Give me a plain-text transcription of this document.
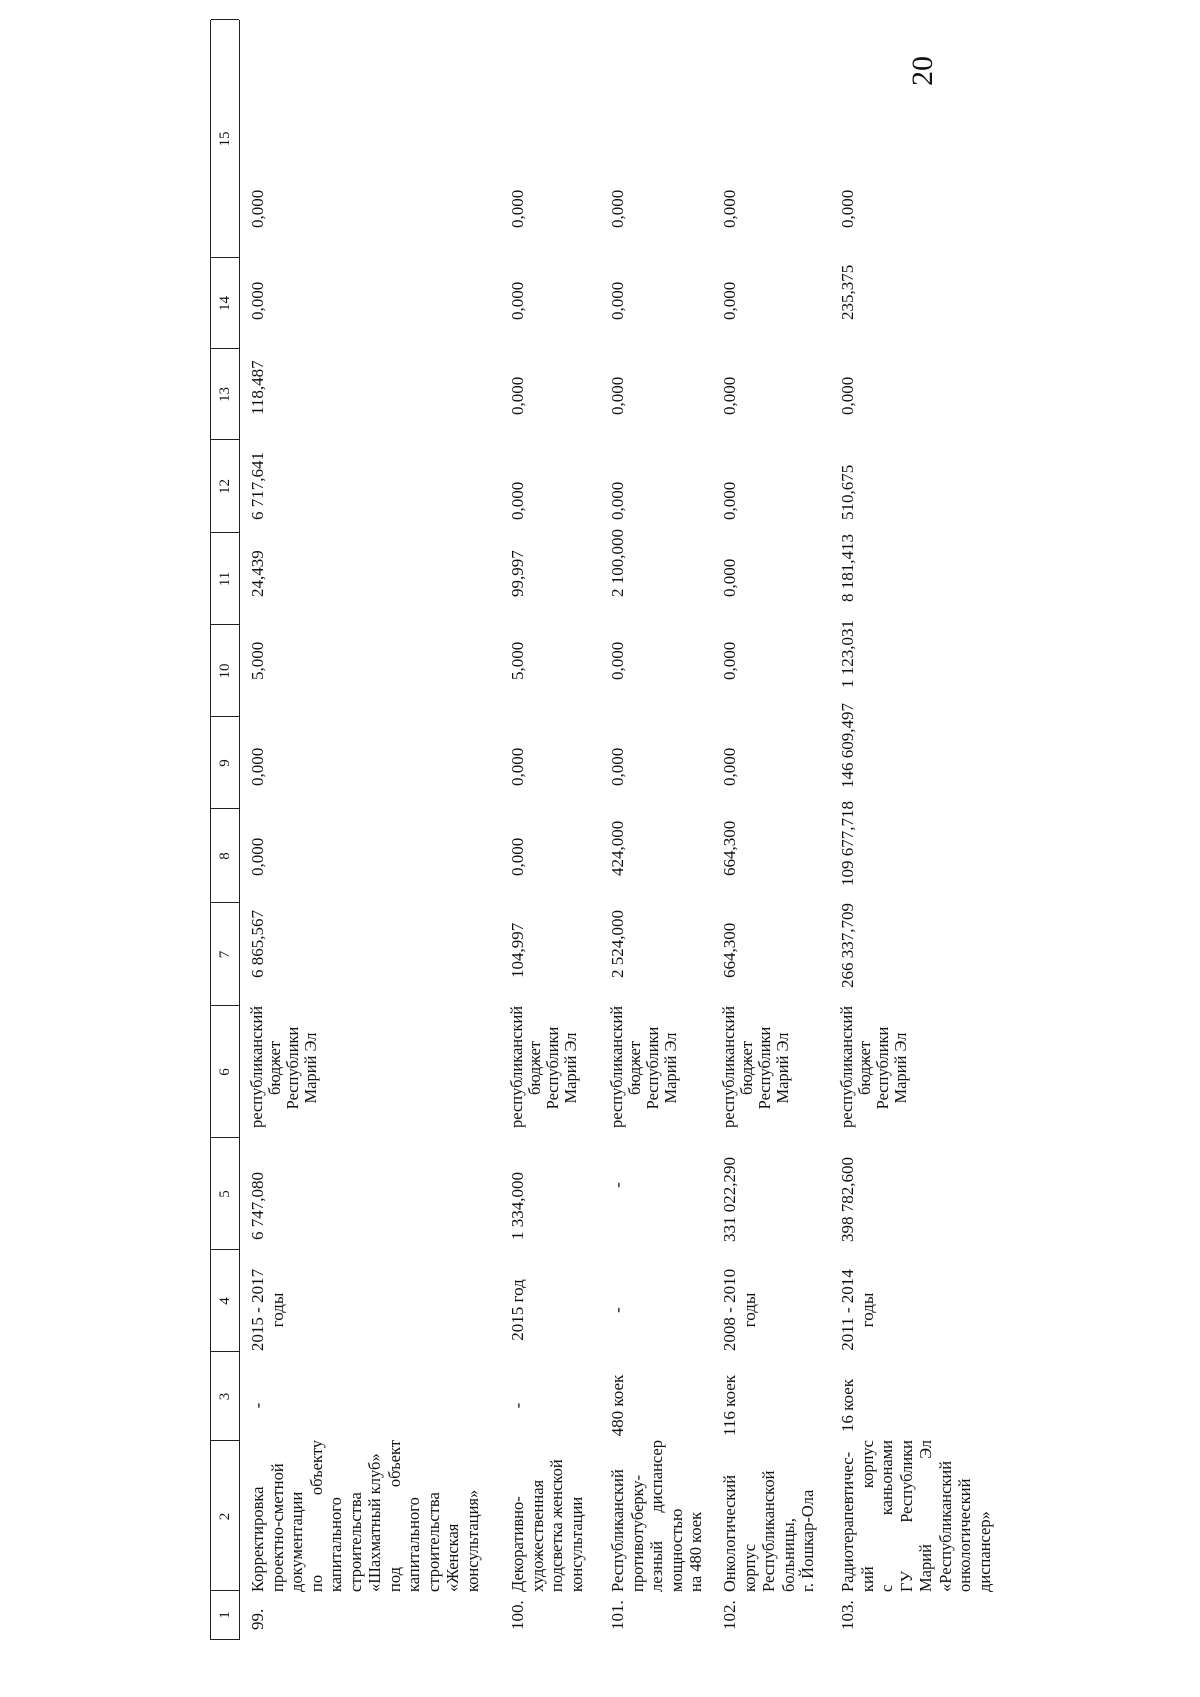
20
1
2
3
4
5
6
7
8
9
10
11
12
13
14
15
99.
Корректировка проектно-сметной документации по объекту капитального строительства «Шахматный клуб» под объект капитального строительства «Женская консультация»
-
2015 - 2017 годы
6 747,080
республиканский бюджет Республики Марий Эл
6 865,567
0,000
0,000
5,000
24,439
6 717,641
118,487
0,000
0,000
100.
Декоративно- художественная подсветка женской консультации
-
2015 год
1 334,000
республиканский бюджет Республики Марий Эл
104,997
0,000
0,000
5,000
99,997
0,000
0,000
0,000
0,000
101.
Республиканский противотуберку- лезный диспансер мощностью на 480 коек
480 коек
-
-
республиканский бюджет Республики Марий Эл
2 524,000
424,000
0,000
0,000
2 100,000
0,000
0,000
0,000
0,000
102.
Онкологический корпус Республиканской больницы, г. Йошкар-Ола
116 коек
2008 - 2010 годы
331 022,290
республиканский бюджет Республики Марий Эл
664,300
664,300
0,000
0,000
0,000
0,000
0,000
0,000
0,000
103.
Радиотерапевтичес- кий корпус с каньонами ГУ Республики Марий Эл «Республиканский онкологический диспансер»
16 коек
2011 - 2014 годы
398 782,600
республиканский бюджет Республики Марий Эл
266 337,709
109 677,718
146 609,497
1 123,031
8 181,413
510,675
0,000
235,375
0,000
